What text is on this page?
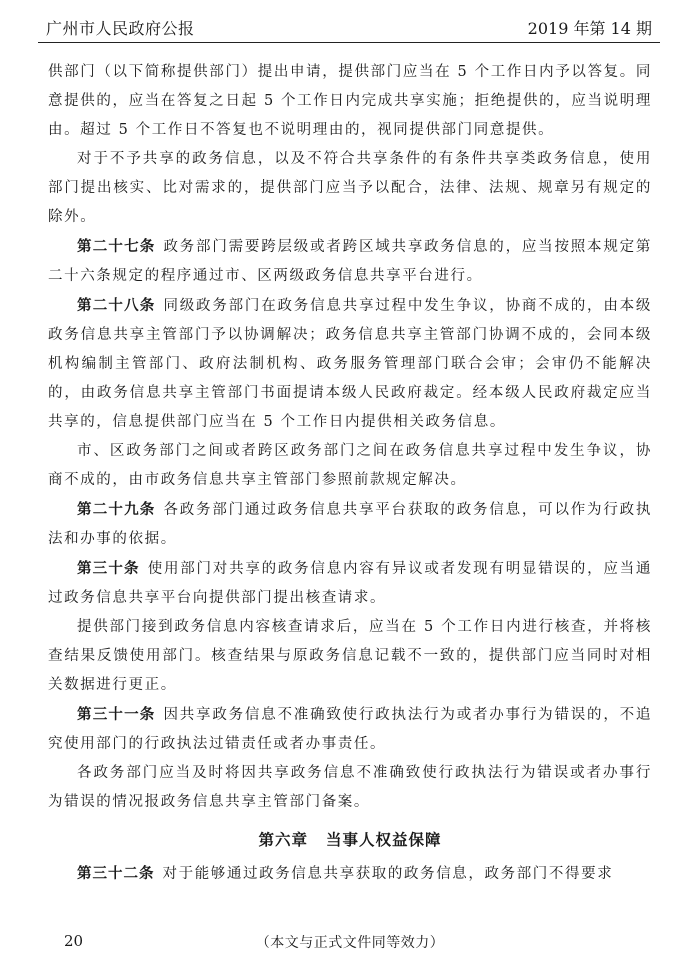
广州市人民政府公报	2019 年第 14 期

供部门（以下简称提供部门）提出申请，提供部门应当在 5 个工作日内予以答复。同意提供的，应当在答复之日起 5 个工作日内完成共享实施；拒绝提供的，应当说明理由。超过 5 个工作日不答复也不说明理由的，视同提供部门同意提供。

对于不予共享的政务信息，以及不符合共享条件的有条件共享类政务信息，使用部门提出核实、比对需求的，提供部门应当予以配合，法律、法规、规章另有规定的除外。

第二十七条 政务部门需要跨层级或者跨区域共享政务信息的，应当按照本规定第二十六条规定的程序通过市、区两级政务信息共享平台进行。

第二十八条 同级政务部门在政务信息共享过程中发生争议，协商不成的，由本级政务信息共享主管部门予以协调解决；政务信息共享主管部门协调不成的，会同本级机构编制主管部门、政府法制机构、政务服务管理部门联合会审；会审仍不能解决的，由政务信息共享主管部门书面提请本级人民政府裁定。经本级人民政府裁定应当共享的，信息提供部门应当在 5 个工作日内提供相关政务信息。

市、区政务部门之间或者跨区政务部门之间在政务信息共享过程中发生争议，协商不成的，由市政务信息共享主管部门参照前款规定解决。

第二十九条 各政务部门通过政务信息共享平台获取的政务信息，可以作为行政执法和办事的依据。

第三十条 使用部门对共享的政务信息内容有异议或者发现有明显错误的，应当通过政务信息共享平台向提供部门提出核查请求。

提供部门接到政务信息内容核查请求后，应当在 5 个工作日内进行核查，并将核查结果反馈使用部门。核查结果与原政务信息记载不一致的，提供部门应当同时对相关数据进行更正。

第三十一条 因共享政务信息不准确致使行政执法行为或者办事行为错误的，不追究使用部门的行政执法过错责任或者办事责任。

各政务部门应当及时将因共享政务信息不准确致使行政执法行为错误或者办事行为错误的情况报政务信息共享主管部门备案。

第六章 当事人权益保障

第三十二条 对于能够通过政务信息共享获取的政务信息，政务部门不得要求

20	（本文与正式文件同等效力）
